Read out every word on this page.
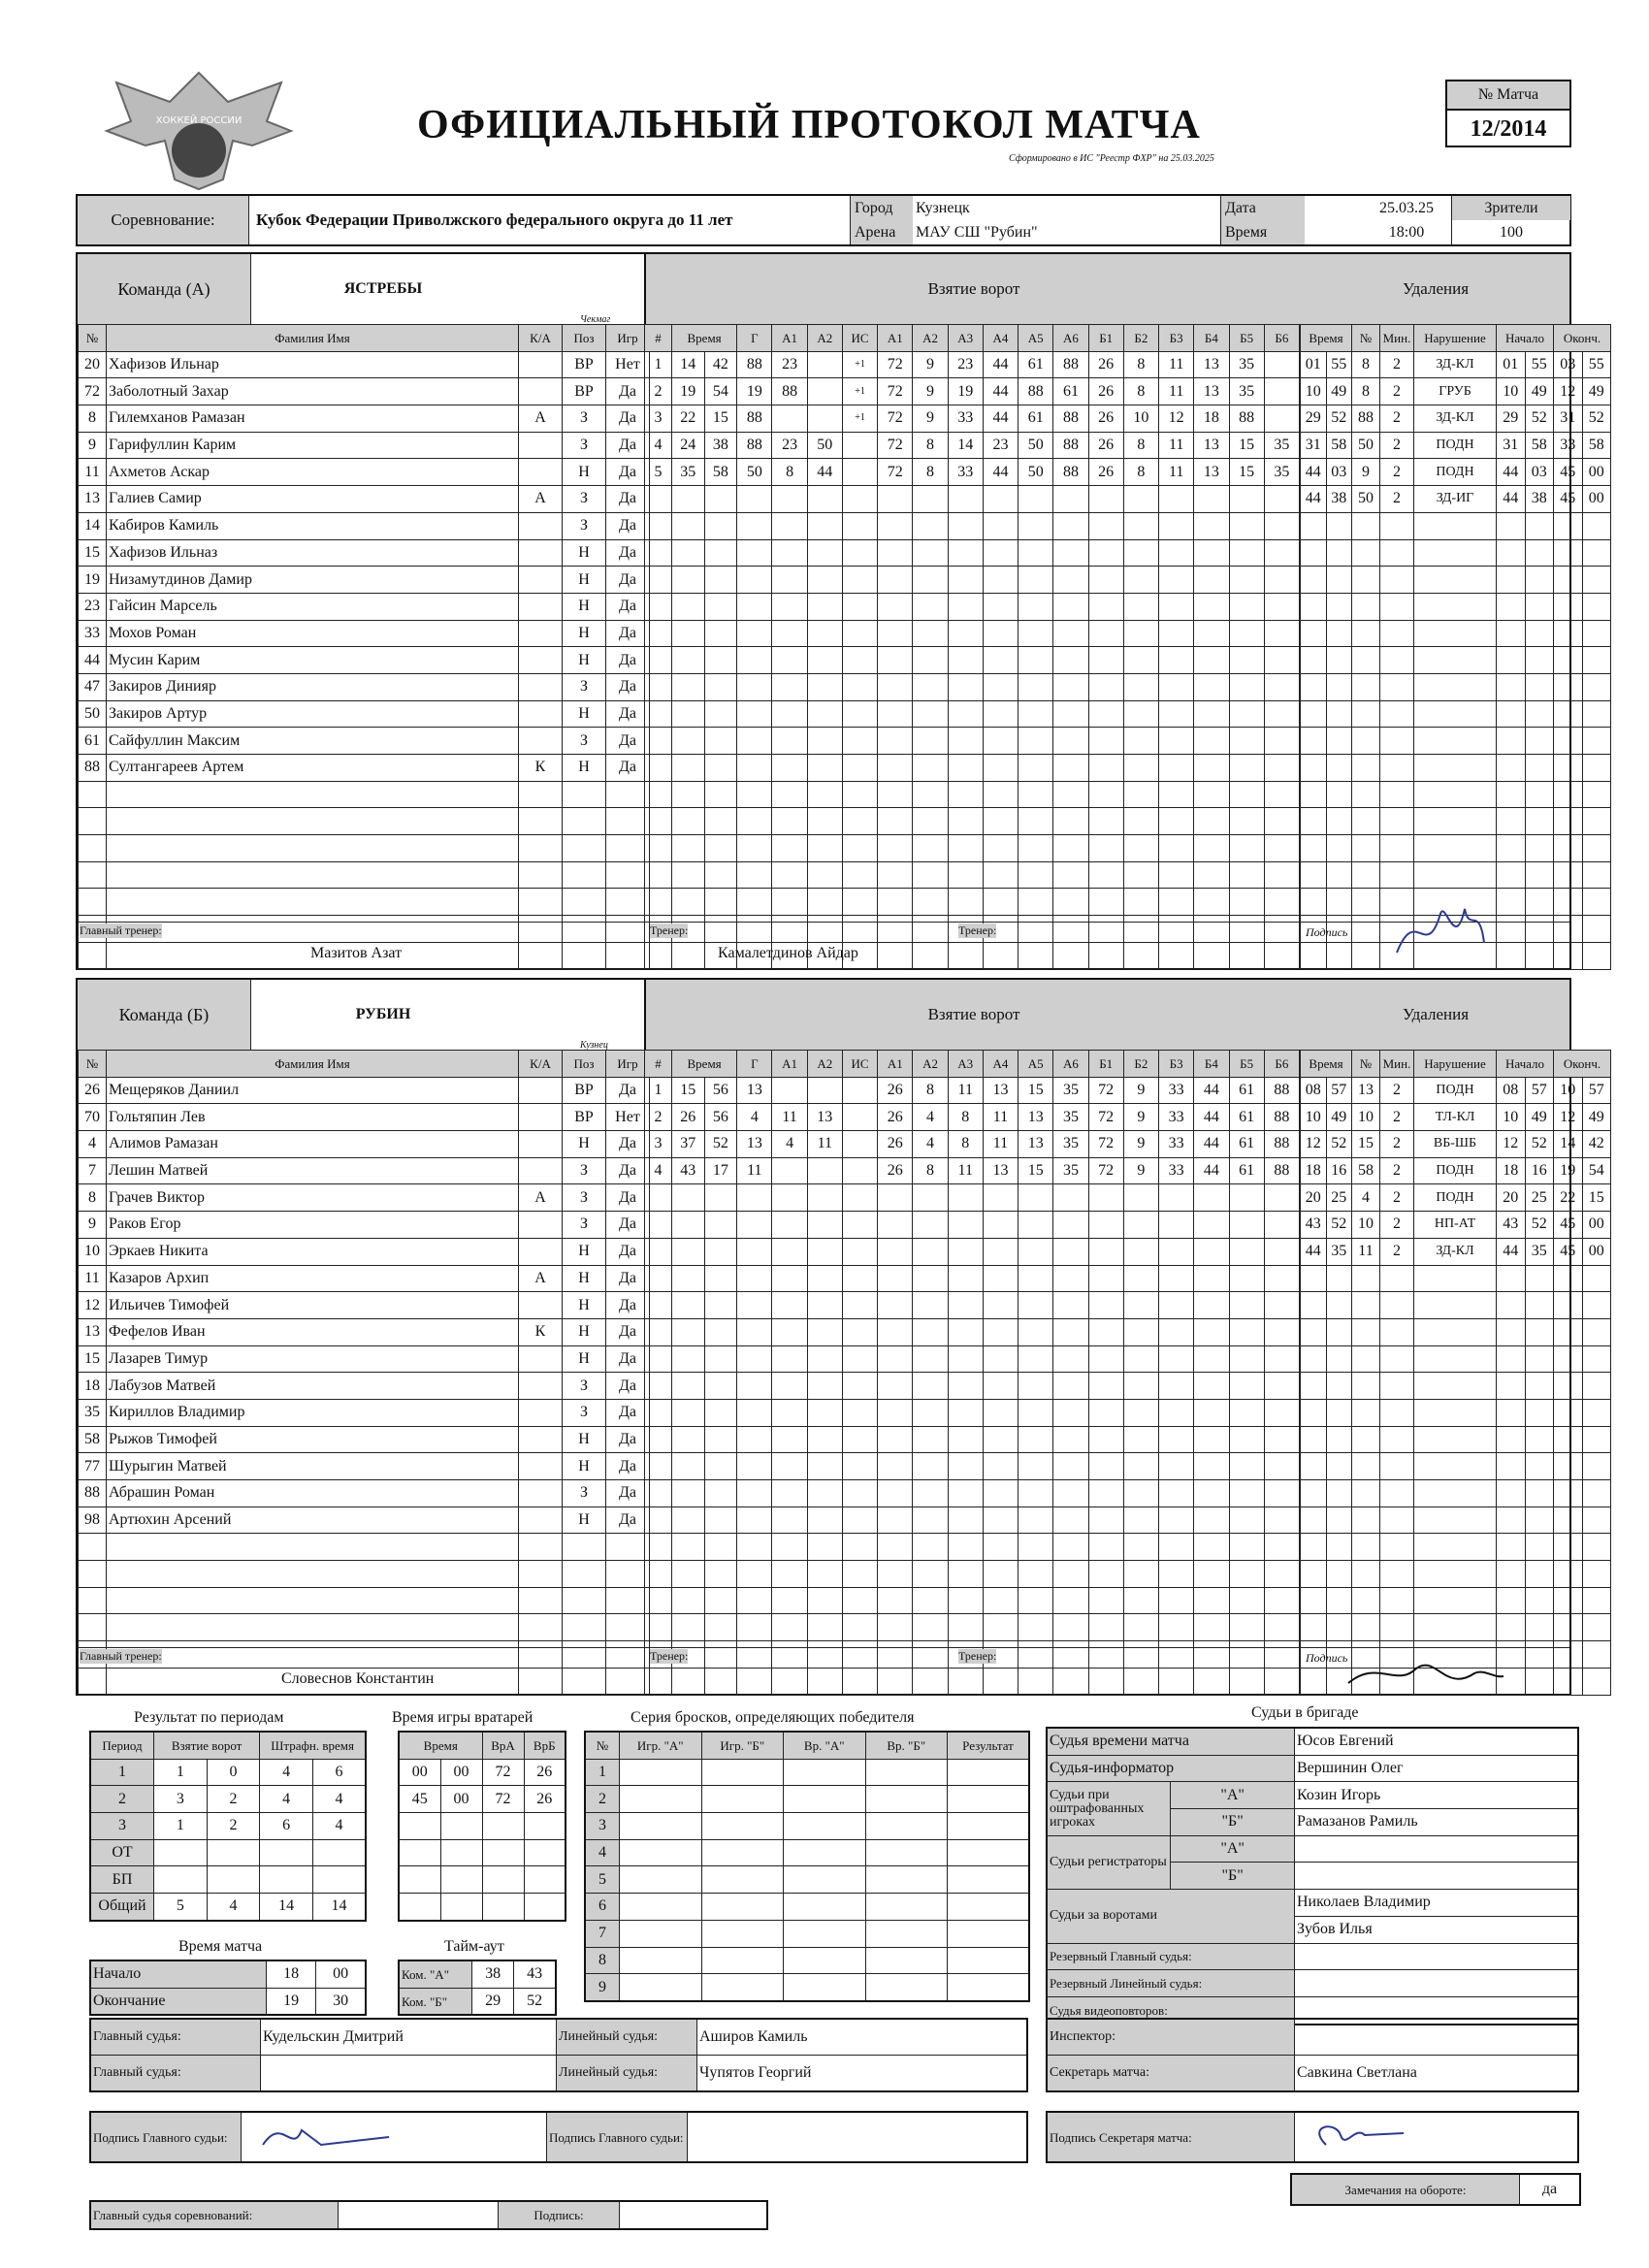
ХОККЕЙ РОССИИ	ОФИЦИАЛЬНЫЙ ПРОТОКОЛ МАТЧА
Сформировано в ИС "Реестр ФХР" на 25.03.2025
№ Матча
12/2014
Соревнование:	Кубок Федерации Приволжского федерального округа до 11 лет
Город	Кузнецк
Арена	МАУ СШ "Рубин"
Дата	25.03.25
Время	18:00
Зрители
100
Команда (А)	ЯСТРЕБЫ
Чекмаг
Взятие ворот	Удаления
№	Фамилия Имя	К/А	Поз	Игр
20	Хафизов Ильнар		ВР	Нет
72	Заболотный Захар		ВР	Да
8	Гилемханов Рамазан	А	З	Да
9	Гарифуллин Карим		З	Да
11	Ахметов Аскар		Н	Да
13	Галиев Самир	А	З	Да
14	Кабиров Камиль		З	Да
15	Хафизов Ильназ		Н	Да
19	Низамутдинов Дамир		Н	Да
23	Гайсин Марсель		Н	Да
33	Мохов Роман		Н	Да
44	Мусин Карим		Н	Да
47	Закиров Динияр		З	Да
50	Закиров Артур		Н	Да
61	Сайфуллин Максим		З	Да
88	Султангареев Артем	К	Н	Да

#	Время		Г	А1	А2	ИС	А1	А2	А3	А4	А5	А6	Б1	Б2	Б3	Б4	Б5	Б6
1	14	42	88	23		+1	72	9	23	44	61	88	26	8	11	13	35	
2	19	54	19	88		+1	72	9	19	44	88	61	26	8	11	13	35	
3	22	15	88			+1	72	9	33	44	61	88	26	10	12	18	88	
4	24	38	88	23	50		72	8	14	23	50	88	26	8	11	13	15	35
5	35	58	50	8	44		72	8	33	44	50	88	26	8	11	13	15	35

Время		№	Мин.	Нарушение	Начало		Оконч.	
01	55	8	2	ЗД-КЛ	01	55	03	55
10	49	8	2	ГРУБ	10	49	12	49
29	52	88	2	ЗД-КЛ	29	52	31	52
31	58	50	2	ПОДН	31	58	33	58
44	03	9	2	ПОДН	44	03	45	00
44	38	50	2	ЗД-ИГ	44	38	45	00

Главный тренер:
Мазитов Азат
Тренер:
Камалетдинов Айдар
Тренер:	Подпись
Команда (Б)	РУБИН
Кузнец
Взятие ворот	Удаления
№	Фамилия Имя	К/А	Поз	Игр
26	Мещеряков Даниил		ВР	Да
70	Гольтяпин Лев		ВР	Нет
4	Алимов Рамазан		Н	Да
7	Лешин Матвей		З	Да
8	Грачев Виктор	А	З	Да
9	Раков Егор		З	Да
10	Эркаев Никита		Н	Да
11	Казаров Архип	А	Н	Да
12	Ильичев Тимофей		Н	Да
13	Фефелов Иван	К	Н	Да
15	Лазарев Тимур		Н	Да
18	Лабузов Матвей		З	Да
35	Кириллов Владимир		З	Да
58	Рыжов Тимофей		Н	Да
77	Шурыгин Матвей		Н	Да
88	Абрашин Роман		З	Да
98	Артюхин Арсений		Н	Да

#	Время		Г	А1	А2	ИС	А1	А2	А3	А4	А5	А6	Б1	Б2	Б3	Б4	Б5	Б6
1	15	56	13				26	8	11	13	15	35	72	9	33	44	61	88
2	26	56	4	11	13		26	4	8	11	13	35	72	9	33	44	61	88
3	37	52	13	4	11		26	4	8	11	13	35	72	9	33	44	61	88
4	43	17	11				26	8	11	13	15	35	72	9	33	44	61	88

Время		№	Мин.	Нарушение	Начало		Оконч.	
08	57	13	2	ПОДН	08	57	10	57
10	49	10	2	ТЛ-КЛ	10	49	12	49
12	52	15	2	ВБ-ШБ	12	52	14	42
18	16	58	2	ПОДН	18	16	19	54
20	25	4	2	ПОДН	20	25	22	15
43	52	10	2	НП-АТ	43	52	45	00
44	35	11	2	ЗД-КЛ	44	35	45	00

Главный тренер:
Словеснов Константин
Тренер:	Тренер:	Подпись
Результат по периодам
Период	Взятие ворот		Штрафн. время	
1	1	0	4	6
2	3	2	4	4
3	1	2	6	4
ОТ				
БП				
Общий	5	4	14	14
Время игры вратарей
Время		ВрА	ВрБ
00	00	72	26
45	00	72	26

Время матча
Начало	18	00
Окончание	19	30
Тайм-аут
Ком. "А"	38	43
Ком. "Б"	29	52
Серия бросков, определяющих победителя
№	Игр. "А"	Игр. "Б"	Вр. "А"	Вр. "Б"	Результат
1					
2					
3					
4					
5					
6					
7					
8					
9					
Судьи в бригаде
Судья времени матча		Юсов Евгений
Судья-информатор		Вершинин Олег
Судьи при оштрафованных игроках	"А"	Козин Игорь
	"Б"	Рамазанов Рамиль
Судьи регистраторы	"А"	
	"Б"	
Судьи за воротами		Николаев Владимир
		Зубов Илья
Резервный Главный судья:		
Резервный Линейный судья:		
Судья видеоповторов:		
Главный судья:	Кудельскин Дмитрий	Линейный судья:	Аширов Камиль
Главный судья:		Линейный судья:	Чупятов Георгий
Инспектор:	
Секретарь матча:	Савкина Светлана
Подпись Главного судьи:		Подпись Главного судьи:		Подпись Секретаря матча:	
Главный судья соревнований:		Подпись:	
Замечания на обороте:	да
